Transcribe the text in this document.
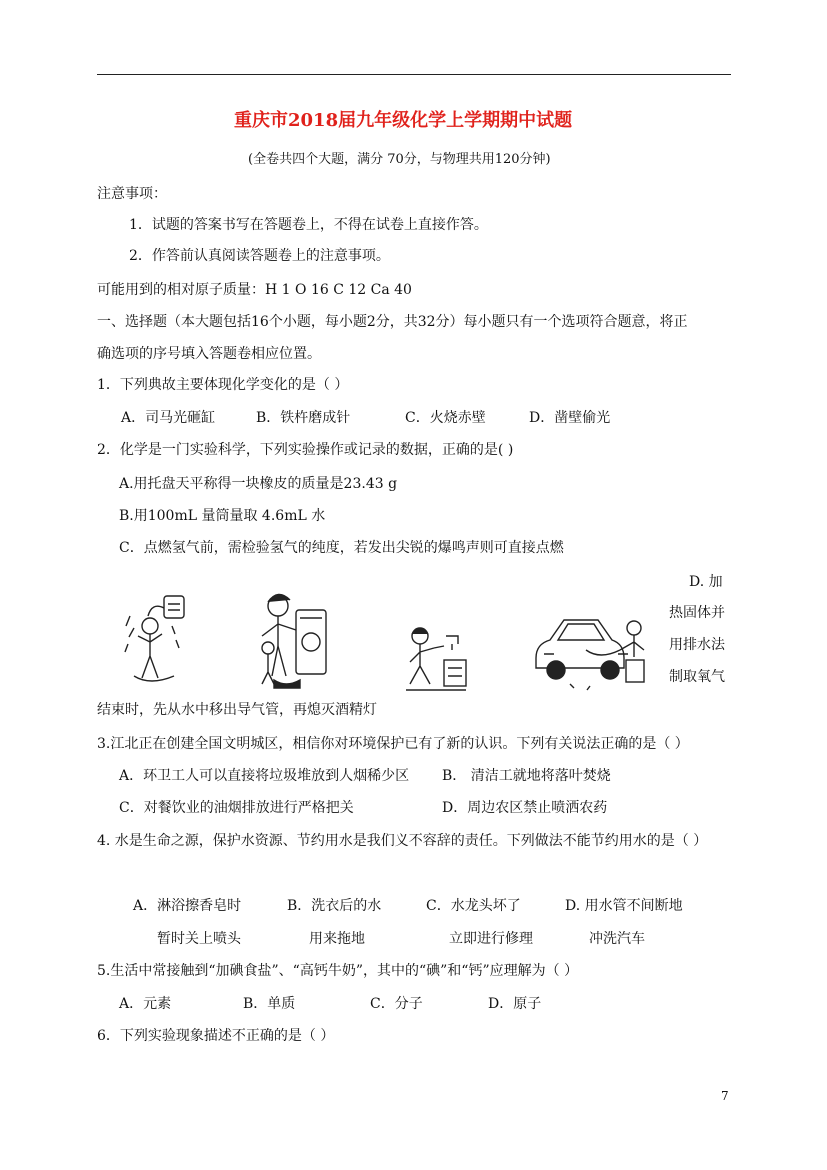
重庆市2018届九年级化学上学期期中试题
(全卷共四个大题，满分 70分，与物理共用120分钟)
注意事项：
1．试题的答案书写在答题卷上，不得在试卷上直接作答。
2．作答前认真阅读答题卷上的注意事项。
可能用到的相对原子质量：H 1 O 16 C 12 Ca 40
一、选择题（本大题包括16个小题，每小题2分，共32分）每小题只有一个选项符合题意，将正
确选项的序号填入答题卷相应位置。
1．下列典故主要体现化学变化的是（ ）
A．司马光砸缸	B．铁杵磨成针	C．火烧赤壁	D．凿壁偷光
2．化学是一门实验科学，下列实验操作或记录的数据，正确的是( )
A.用托盘天平称得一块橡皮的质量是23.43 g
B.用100mL 量筒量取 4.6mL 水
C．点燃氢气前，需检验氢气的纯度，若发出尖锐的爆鸣声则可直接点燃
D. 加
热固体并
用排水法
制取氧气
结束时，先从水中移出导气管，再熄灭酒精灯
3.江北正在创建全国文明城区，相信你对环境保护已有了新的认识。下列有关说法正确的是（ ）
A．环卫工人可以直接将垃圾堆放到人烟稀少区 B． 清洁工就地将落叶焚烧
C．对餐饮业的油烟排放进行严格把关	D．周边农区禁止喷洒农药
4. 水是生命之源，保护水资源、节约用水是我们义不容辞的责任。下列做法不能节约用水的是（ ）
A．淋浴擦香皂时
暂时关上喷头
B．洗衣后的水
用来拖地
C．水龙头坏了
立即进行修理
D. 用水管不间断地
冲洗汽车
5.生活中常接触到“加碘食盐”、“高钙牛奶”，其中的“碘”和“钙”应理解为（ ）
A．元素	B．单质	C．分子	D．原子
6．下列实验现象描述不正确的是（ ）
7
